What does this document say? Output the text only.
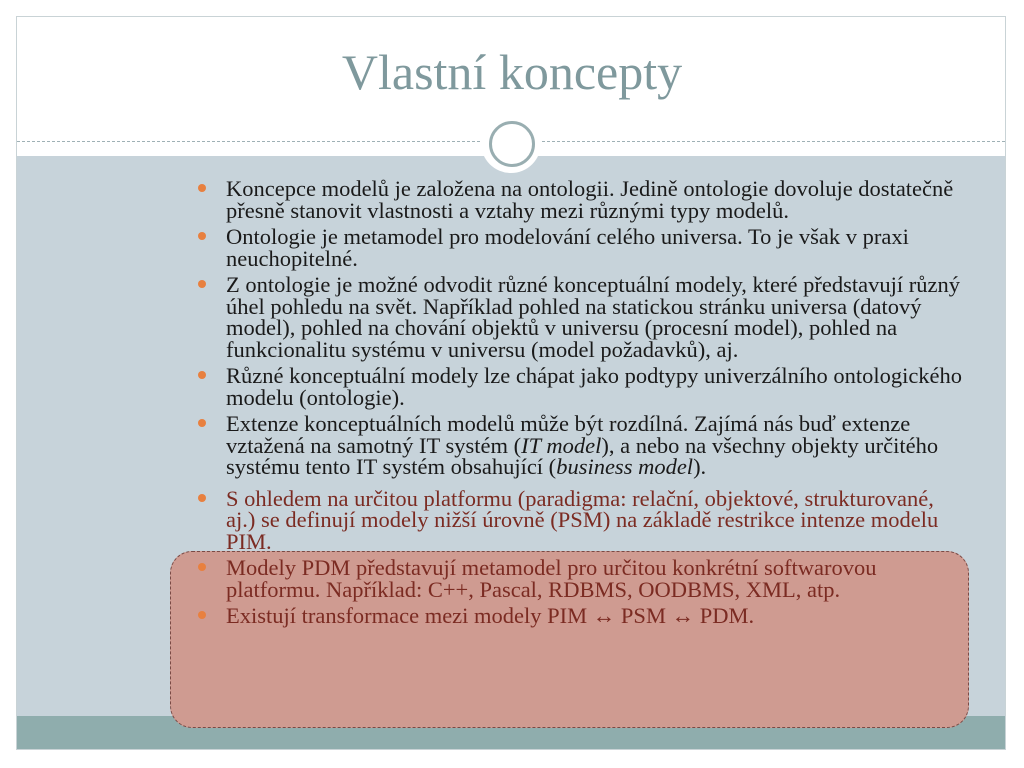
Vlastní koncepty
Koncepce modelů je založena na ontologii. Jedině ontologie dovoluje dostatečně přesně stanovit vlastnosti a vztahy mezi různými typy modelů.
Ontologie je metamodel pro modelování celého universa. To je však v praxi neuchopitelné.
Z ontologie je možné odvodit různé konceptuální modely, které představují různý úhel pohledu na svět. Například pohled na statickou stránku universa (datový model), pohled na chování objektů v universu (procesní model), pohled na funkcionalitu systému v universu (model požadavků), aj.
Různé konceptuální modely lze chápat jako podtypy univerzálního ontologického modelu (ontologie).
Extenze konceptuálních modelů může být rozdílná. Zajímá nás buď extenze vztažená na samotný IT systém (IT model), a nebo na všechny objekty určitého systému tento IT systém obsahující (business model).
S ohledem na určitou platformu (paradigma: relační, objektové, strukturované, aj.) se definují modely nižší úrovně (PSM) na základě restrikce intenze modelu PIM.
Modely PDM představují metamodel pro určitou konkrétní softwarovou platformu. Například: C++, Pascal, RDBMS, OODBMS, XML, atp.
Existují transformace mezi modely PIM ↔ PSM ↔ PDM.
